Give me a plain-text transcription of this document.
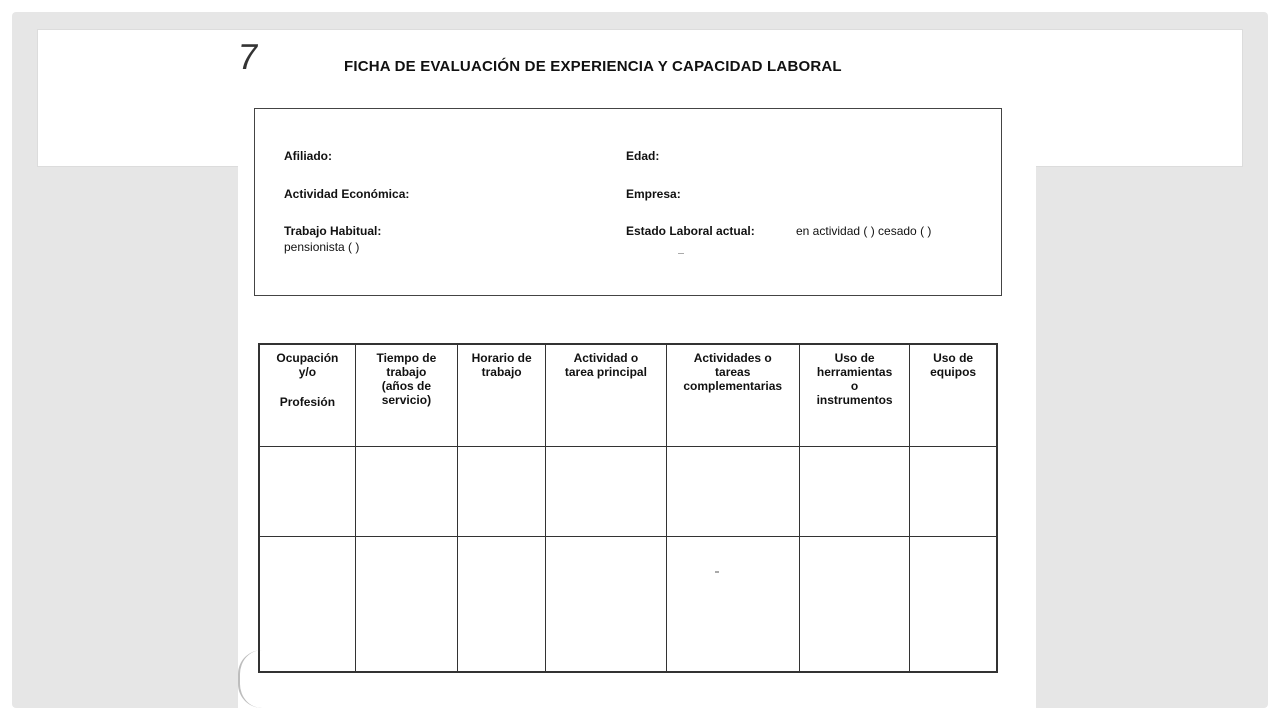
7	FICHA DE EVALUACIÓN DE EXPERIENCIA Y CAPACIDAD LABORAL
Afiliado:	Edad:
Actividad Económica:	Empresa:
Trabajo Habitual:
pensionista ( )
Estado Laboral actual:	en actividad ( ) cesado ( )
Ocupación
y/o
Profesión	Tiempo de
trabajo
(años de
servicio)	Horario de
trabajo	Actividad o
tarea principal	Actividades o
tareas
complementarias	Uso de
herramientas
o
instrumentos	Uso de
equipos
